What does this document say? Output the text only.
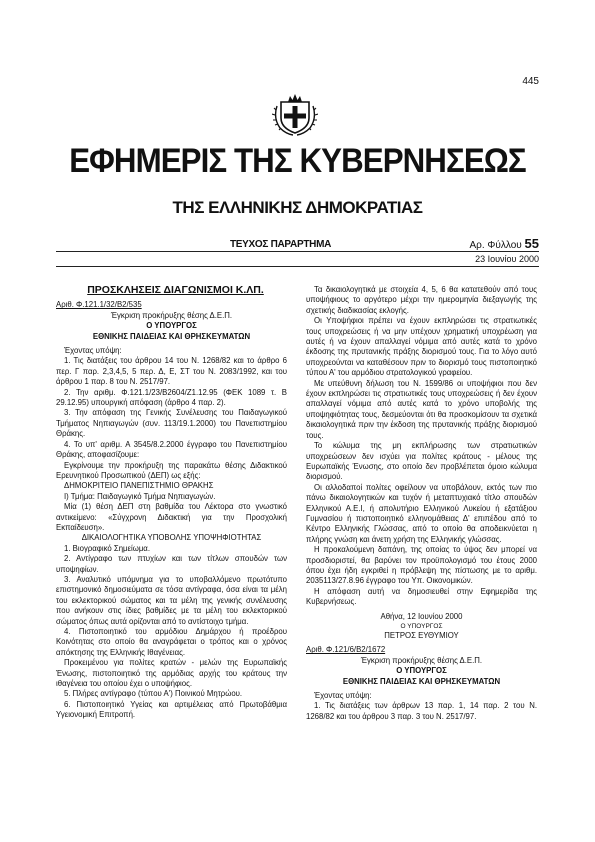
445
ΕΦΗΜΕΡΙΣ ΤΗΣ ΚΥΒΕΡΝΗΣΕΩΣ
ΤΗΣ ΕΛΛΗΝΙΚΗΣ ΔΗΜΟΚΡΑΤΙΑΣ
ΤΕΥΧΟΣ ΠΑΡΑΡΤΗΜΑ	Αρ. Φύλλου 55
23 Ιουνίου 2000

ΠΡΟΣΚΛΗΣΕΙΣ ΔΙΑΓΩΝΙΣΜΟΙ Κ.ΛΠ.

Αριθ. Φ.121.1/32/Β2/535

Έγκριση προκήρυξης θέσης Δ.Ε.Π.

Ο ΥΠΟΥΡΓΟΣ

ΕΘΝΙΚΗΣ ΠΑΙΔΕΙΑΣ ΚΑΙ ΘΡΗΣΚΕΥΜΑΤΩΝ

Έχοντας υπόψη:

1. Τις διατάξεις του άρθρου 14 του Ν. 1268/82 και το άρθρο 6 περ. Γ παρ. 2,3,4,5, 5 περ. Δ, Ε, ΣΤ του Ν. 2083/1992, και του άρθρου 1 παρ. 8 του Ν. 2517/97.

2. Την αριθμ. Φ.121.1/23/Β2604/Ζ1.12.95 (ΦΕΚ 1089 τ. Β 29.12.95) υπουργική απόφαση (άρθρο 4 παρ. 2).

3. Την απόφαση της Γενικής Συνέλευσης του Παιδαγωγικού Τμήματος Νηπιαγωγών (συν. 113/19.1.2000) του Πανεπιστημίου Θράκης.

4. Το υπ' αριθμ. Α 3545/8.2.2000 έγγραφο του Πανεπιστημίου Θράκης, αποφασίζουμε:

Εγκρίνουμε την προκήρυξη της παρακάτω θέσης Διδακτικού Ερευνητικού Προσωπικού (ΔΕΠ) ως εξής:

ΔΗΜΟΚΡΙΤΕΙΟ ΠΑΝΕΠΙΣΤΗΜΙΟ ΘΡΑΚΗΣ

Ι) Τμήμα: Παιδαγωγικό Τμήμα Νηπιαγωγών.

Μία (1) θέση ΔΕΠ στη βαθμίδα του Λέκτορα στο γνωστικό αντικείμενο: «Σύγχρονη Διδακτική για την Προσχολική Εκπαίδευση».

ΔΙΚΑΙΟΛΟΓΗΤΙΚΑ ΥΠΟΒΟΛΗΣ ΥΠΟΨΗΦΙΟΤΗΤΑΣ

1. Βιογραφικό Σημείωμα.

2. Αντίγραφο των πτυχίων και των τίτλων σπουδών των υποψηφίων.

3. Αναλυτικό υπόμνημα για το υποβαλλόμενο πρωτότυπο επιστημονικό δημοσιεύματα σε τόσα αντίγραφα, όσα είναι τα μέλη του εκλεκτορικού σώματος και τα μέλη της γενικής συνέλευσης που ανήκουν στις ίδιες βαθμίδες με τα μέλη του εκλεκτορικού σώματος όπως αυτά ορίζονται από το αντίστοιχο τμήμα.

4. Πιστοποιητικό του αρμόδιου Δημάρχου ή προέδρου Κοινότητας στο οποίο θα αναγράφεται ο τρόπος και ο χρόνος απόκτησης της Ελληνικής Ιθαγένειας.

Προκειμένου για πολίτες κρατών - μελών της Ευρωπαϊκής Ένωσης, πιστοποιητικό της αρμόδιας αρχής του κράτους την ιθαγένεια του οποίου έχει ο υποψήφιος.

5. Πλήρες αντίγραφο (τύπου Α') Ποινικού Μητρώου.

6. Πιστοποιητικό Υγείας και αρτιμέλειας από Πρωτοβάθμια Υγειονομική Επιτροπή.

Τα δικαιολογητικά με στοιχεία 4, 5, 6 θα κατατεθούν από τους υποψήφιους το αργότερο μέχρι την ημερομηνία διεξαγωγής της σχετικής διαδικασίας εκλογής.

Οι Υποψήφιοι πρέπει να έχουν εκπληρώσει τις στρατιωτικές τους υποχρεώσεις ή να μην υπέχουν χρηματική υποχρέωση για αυτές ή να έχουν απαλλαγεί νόμιμα από αυτές κατά το χρόνο έκδοσης της πρυτανικής πράξης διορισμού τους. Για το λόγο αυτό υποχρεούνται να καταθέσουν πριν το διορισμό τους πιστοποιητικό τύπου Α' του αρμόδιου στρατολογικού γραφείου.

Με υπεύθυνη δήλωση του Ν. 1599/86 οι υποψήφιοι που δεν έχουν εκπληρώσει τις στρατιωτικές τους υποχρεώσεις ή δεν έχουν απαλλαγεί νόμιμα από αυτές κατά το χρόνο υποβολής της υποψηφιότητας τους, δεσμεύονται ότι θα προσκομίσουν τα σχετικά δικαιολογητικά πριν την έκδοση της πρυτανικής πράξης διορισμού τους.

Το κώλυμα της μη εκπλήρωσης των στρατιωτικών υποχρεώσεων δεν ισχύει για πολίτες κράτους - μέλους της Ευρωπαϊκής Ένωσης, στο οποίο δεν προβλέπεται όμοιο κώλυμα διορισμού.

Οι αλλοδαποί πολίτες οφείλουν να υποβάλουν, εκτός των πιο πάνω δικαιολογητικών και τυχόν ή μεταπτυχιακό τίτλο σπουδών Ελληνικού Α.Ε.Ι, ή απολυτήριο Ελληνικού Λυκείου ή εξατάξιου Γυμνασίου ή πιστοποιητικό ελληνομάθειας Δ' επιπέδου από το Κέντρο Ελληνικής Γλώσσας, από το οποίο θα αποδεικνύεται η πλήρης γνώση και άνετη χρήση της Ελληνικής γλώσσας.

Η προκαλούμενη δαπάνη, της οποίας το ύψος δεν μπορεί να προσδιοριστεί, θα βαρύνει τον προϋπολογισμό του έτους 2000 όπου έχει ήδη εγκριθεί η πρόβλεψη της πίστωσης με το αριθμ. 2035113/27.8.96 έγγραφο του Υπ. Οικονομικών.

Η απόφαση αυτή να δημοσιευθεί στην Εφημερίδα της Κυβερνήσεως.

Αθήνα, 12 Ιουνίου 2000

Ο ΥΠΟΥΡΓΟΣ

ΠΕΤΡΟΣ ΕΥΘΥΜΙΟΥ

Αριθ. Φ.121/6/Β2/1672

Έγκριση προκήρυξης θέσης Δ.Ε.Π.

Ο ΥΠΟΥΡΓΟΣ

ΕΘΝΙΚΗΣ ΠΑΙΔΕΙΑΣ ΚΑΙ ΘΡΗΣΚΕΥΜΑΤΩΝ

Έχοντας υπόψη:

1. Τις διατάξεις των άρθρων 13 παρ. 1, 14 παρ. 2 του Ν. 1268/82 και του άρθρου 3 παρ. 3 του Ν. 2517/97.
